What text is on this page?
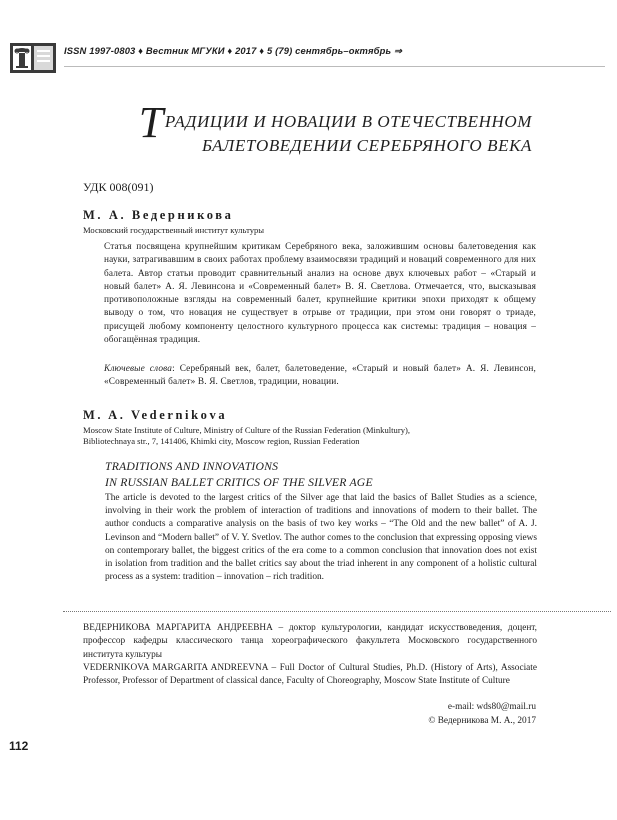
ISSN 1997-0803 ♦ Вестник МГУКИ ♦ 2017 ♦ 5 (79) сентябрь–октябрь ⇒
ТРАДИЦИИ И НОВАЦИИ В ОТЕЧЕСТВЕННОМ
БАЛЕТОВЕДЕНИИ СЕРЕБРЯНОГО ВЕКА
УДК 008(091)
М. А. Ведерникова
Московский государственный институт культуры
Статья посвящена крупнейшим критикам Серебряного века, заложившим основы балетоведения как науки, затрагивавшим в своих работах проблему взаимосвязи традиций и новаций современного для них балета. Автор статьи проводит сравнительный анализ на основе двух ключевых работ – «Старый и новый балет» А. Я. Левинсона и «Современный балет» В. Я. Светлова. Отмечается, что, высказывая противоположные взгляды на современный балет, крупнейшие критики эпохи приходят к общему выводу о том, что новация не существует в отрыве от традиции, при этом они говорят о триаде, присущей любому компоненту целостного культурного процесса как системы: традиция – новация – обогащённая традиция.
Ключевые слова: Серебряный век, балет, балетоведение, «Старый и новый балет» А. Я. Левинсон, «Современный балет» В. Я. Светлов, традиции, новации.
M. A. Vedernikova
Moscow State Institute of Culture, Ministry of Culture of the Russian Federation (Minkultury),
Bibliotechnaya str., 7, 141406, Khimki city, Moscow region, Russian Federation
TRADITIONS AND INNOVATIONS
IN RUSSIAN BALLET CRITICS OF THE SILVER AGE
The article is devoted to the largest critics of the Silver age that laid the basics of Ballet Studies as a science, involving in their work the problem of interaction of traditions and innovations of modern to their ballet. The author conducts a comparative analysis on the basis of two key works – “The Old and the new ballet” of A. J. Levinson and “Modern ballet” of V. Y. Svetlov. The author comes to the conclusion that expressing opposing views on contemporary ballet, the biggest critics of the era come to a common conclusion that innovation does not exist in isolation from tradition and the ballet critics say about the triad inherent in any component of a holistic cultural process as a system: tradition – innovation – rich tradition.
ВЕДЕРНИКОВА МАРГАРИТА АНДРЕЕВНА – доктор культурологии, кандидат искусствоведения, доцент, профессор кафедры классического танца хореографического факультета Московского государственного института культуры
VEDERNIKOVA MARGARITA ANDREEVNA – Full Doctor of Cultural Studies, Ph.D. (History of Arts), Associate Professor, Professor of Department of classical dance, Faculty of Choreography, Moscow State Institute of Culture
e-mail: wds80@mail.ru
© Ведерникова М. А., 2017
112
